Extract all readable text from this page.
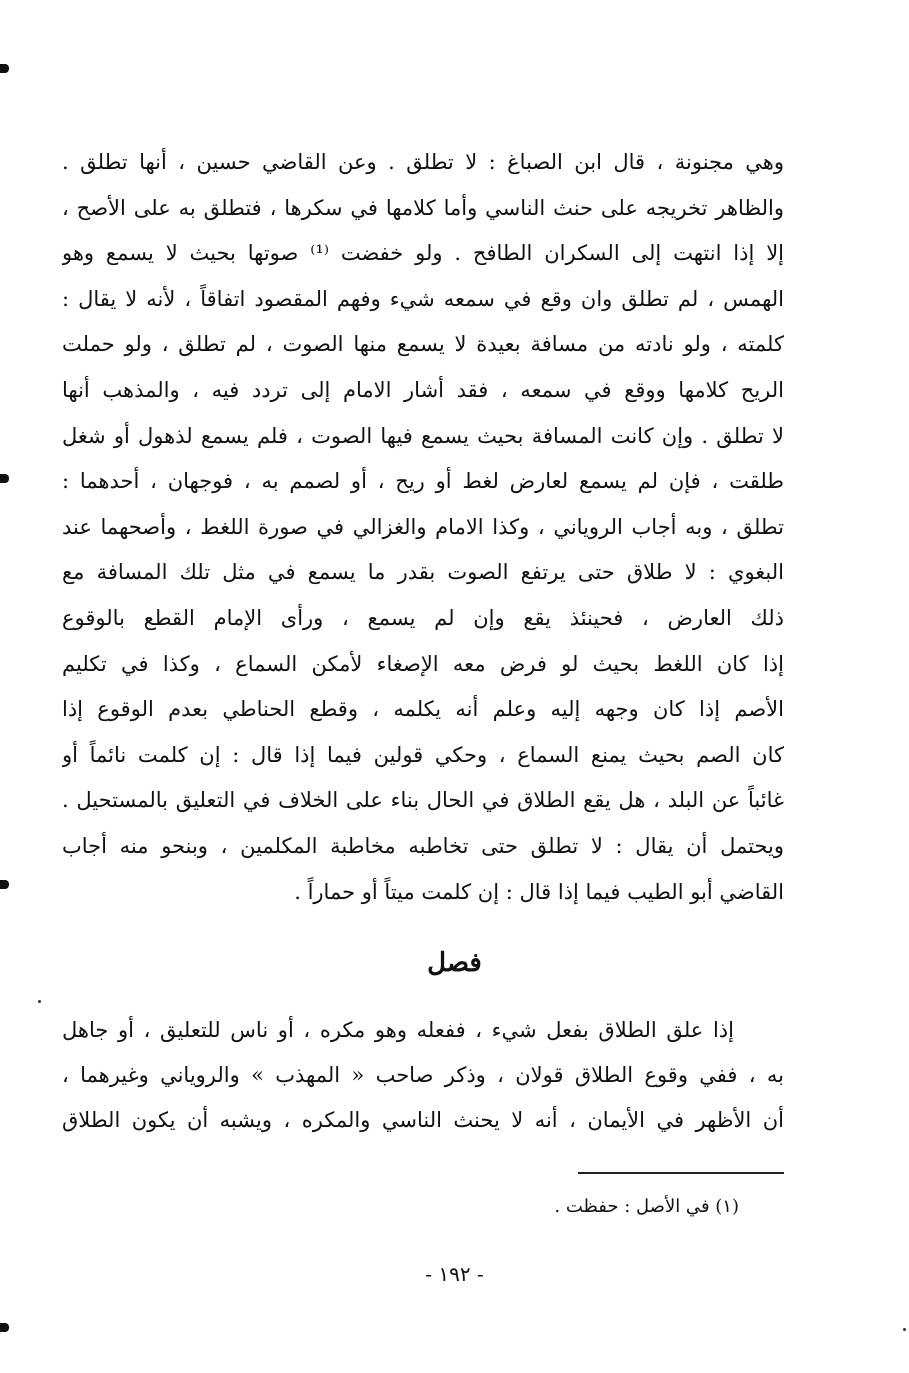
وهي مجنونة ، قال ابن الصباغ : لا تطلق . وعن القاضي حسين ، أنها تطلق .
والظاهر تخريجه على حنث الناسي وأما كلامها في سكرها ، فتطلق به على الأصح ،
إلا إذا انتهت إلى السكران الطافح . ولو خفضت ⁽¹⁾ صوتها بحيث لا يسمع وهو
الهمس ، لم تطلق وان وقع في سمعه شيء وفهم المقصود اتفاقاً ، لأنه لا يقال :
كلمته ، ولو نادته من مسافة بعيدة لا يسمع منها الصوت ، لم تطلق ، ولو حملت
الريح كلامها ووقع في سمعه ، فقد أشار الامام إلى تردد فيه ، والمذهب أنها
لا تطلق . وإن كانت المسافة بحيث يسمع فيها الصوت ، فلم يسمع لذهول أو شغل
طلقت ، فإن لم يسمع لعارض لغط أو ريح ، أو لصمم به ، فوجهان ، أحدهما :
تطلق ، وبه أجاب الروياني ، وكذا الامام والغزالي في صورة اللغط ، وأصحهما عند
البغوي : لا طلاق حتى يرتفع الصوت بقدر ما يسمع في مثل تلك المسافة مع
ذلك العارض ، فحينئذ يقع وإن لم يسمع ، ورأى الإمام القطع بالوقوع
إذا كان اللغط بحيث لو فرض معه الإصغاء لأمكن السماع ، وكذا في تكليم
الأصم إذا كان وجهه إليه وعلم أنه يكلمه ، وقطع الحناطي بعدم الوقوع إذا
كان الصم بحيث يمنع السماع ، وحكي قولين فيما إذا قال : إن كلمت نائماً أو
غائباً عن البلد ، هل يقع الطلاق في الحال بناء على الخلاف في التعليق بالمستحيل .
ويحتمل أن يقال : لا تطلق حتى تخاطبه مخاطبة المكلمين ، وبنحو منه أجاب
القاضي أبو الطيب فيما إذا قال : إن كلمت ميتاً أو حماراً .
فصل
إذا علق الطلاق بفعل شيء ، ففعله وهو مكره ، أو ناس للتعليق ، أو جاهل
به ، ففي وقوع الطلاق قولان ، وذكر صاحب « المهذب » والروياني وغيرهما ،
أن الأظهر في الأيمان ، أنه لا يحنث الناسي والمكره ، ويشبه أن يكون الطلاق
(١) في الأصل : حفظت .
- ١٩٢ -
